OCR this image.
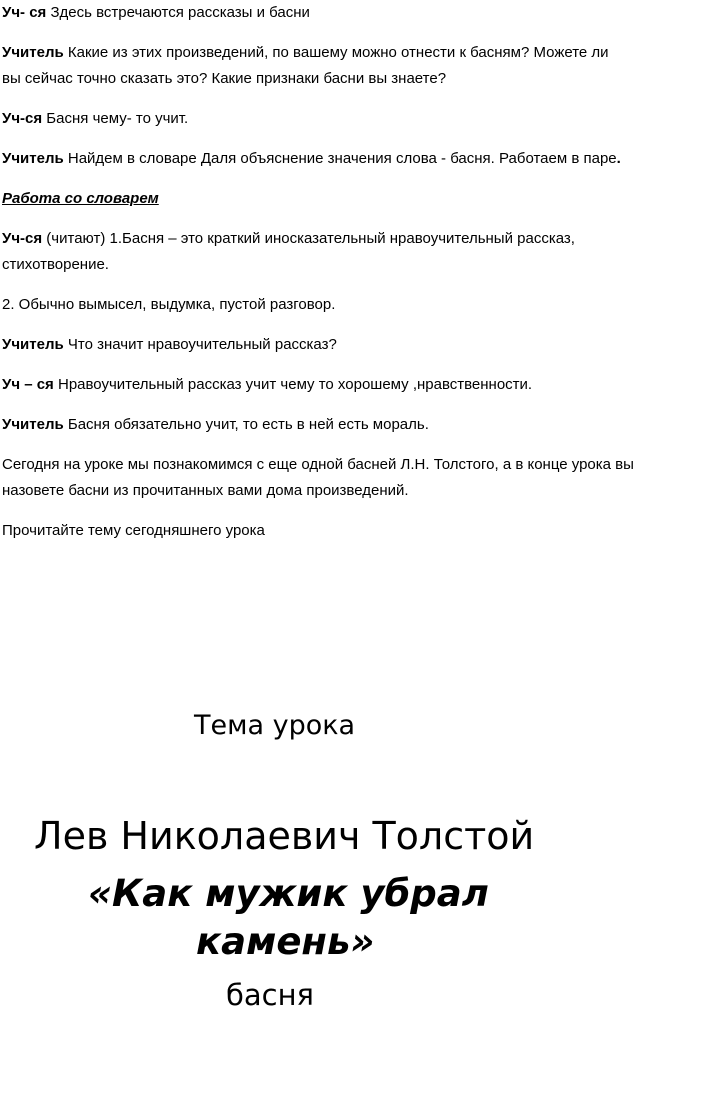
Уч- ся Здесь встречаются рассказы и басни

Учитель Какие из этих произведений, по вашему можно отнести к басням? Можете ли
вы сейчас точно сказать это? Какие признаки басни вы знаете?

Уч-ся Басня чему- то учит.

Учитель Найдем в словаре Даля объяснение значения слова - басня. Работаем в паре.

Работа со словарем

Уч-ся (читают) 1.Басня – это краткий иносказательный нравоучительный рассказ,
стихотворение.

2. Обычно вымысел, выдумка, пустой разговор.

Учитель Что значит нравоучительный рассказ?

Уч – ся Нравоучительный рассказ учит чему то хорошему ,нравственности.

Учитель Басня обязательно учит, то есть в ней есть мораль.

Сегодня на уроке мы познакомимся с еще одной басней Л.Н. Толстого, а в конце урока вы
назовете басни из прочитанных вами дома произведений.

Прочитайте тему сегодняшнего урока

Тема урока
Лев Николаевич Толстой
«Как мужик убрал
камень»
басня
